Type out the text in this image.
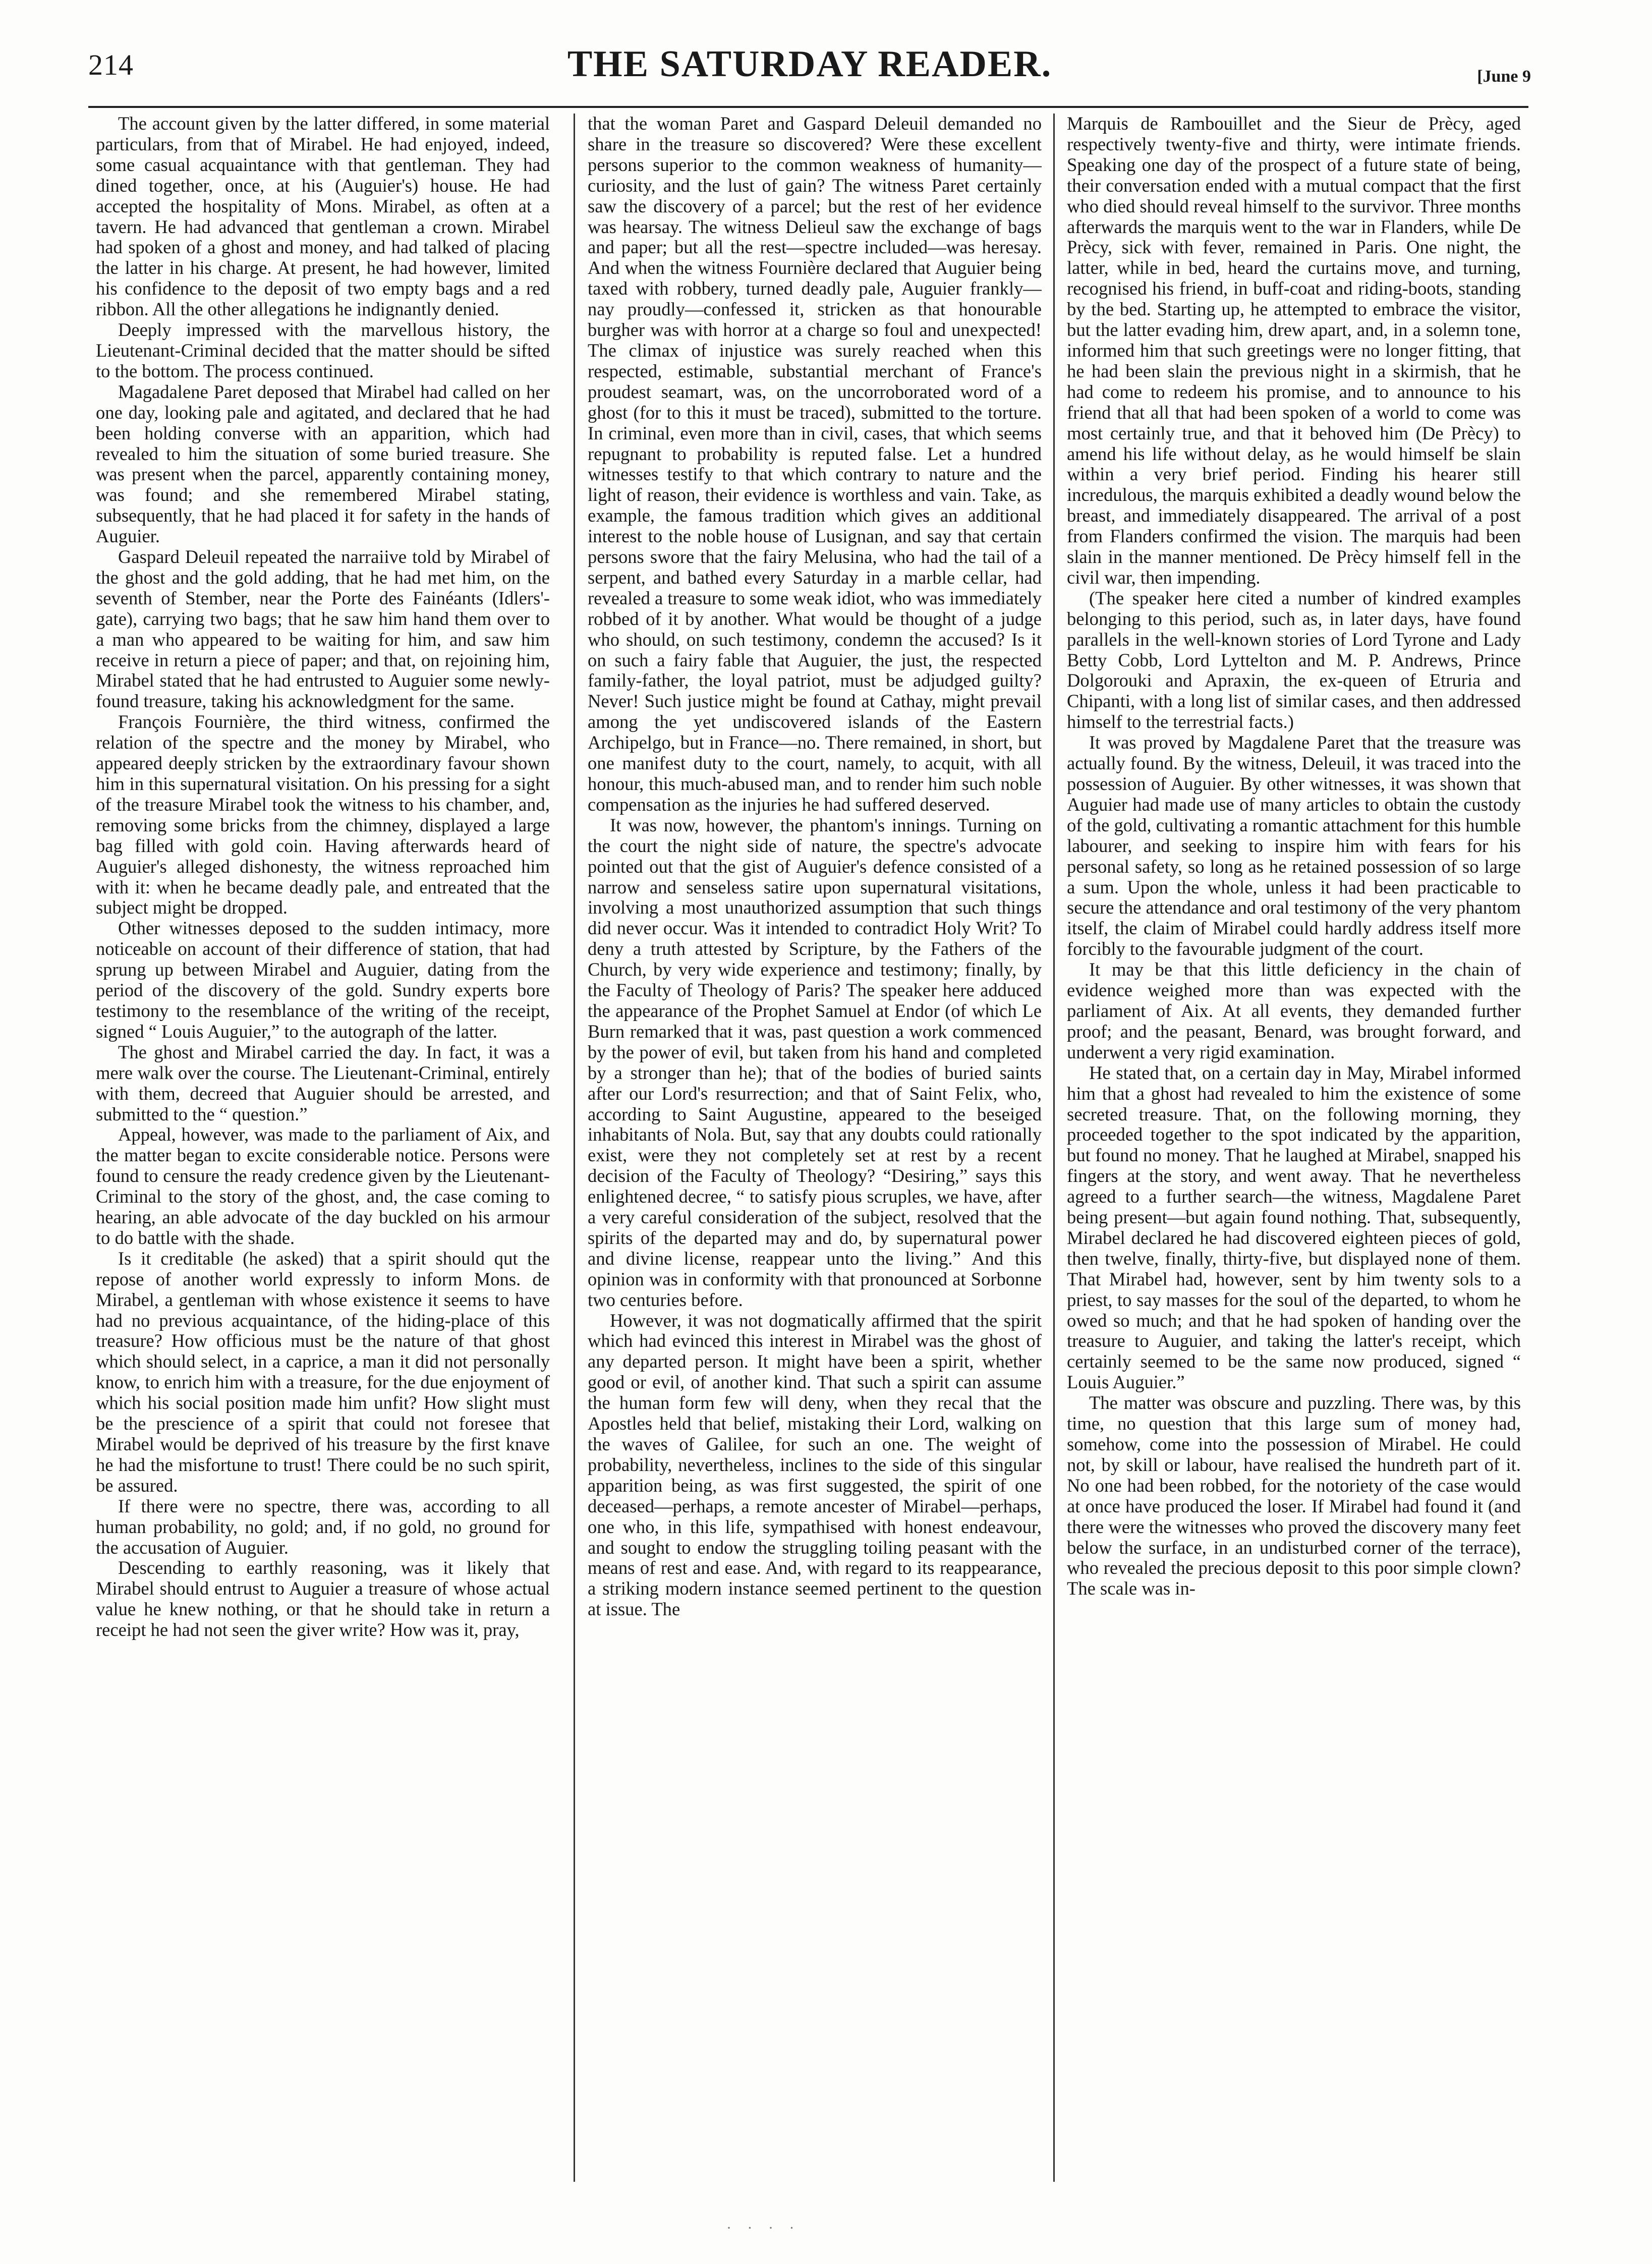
214	THE SATURDAY READER.	[June 9

The account given by the latter differed, in some material particulars, from that of Mirabel. He had enjoyed, indeed, some casual acquaintance with that gentleman. They had dined together, once, at his (Auguier's) house. He had accepted the hospitality of Mons. Mirabel, as often at a tavern. He had advanced that gentleman a crown. Mirabel had spoken of a ghost and money, and had talked of placing the latter in his charge. At present, he had however, limited his confidence to the deposit of two empty bags and a red ribbon. All the other allegations he indignantly denied.

Deeply impressed with the marvellous history, the Lieutenant-Criminal decided that the matter should be sifted to the bottom. The process continued.

Magadalene Paret deposed that Mirabel had called on her one day, looking pale and agitated, and declared that he had been holding converse with an apparition, which had revealed to him the situation of some buried treasure. She was present when the parcel, apparently containing money, was found; and she remembered Mirabel stating, subsequently, that he had placed it for safety in the hands of Auguier.

Gaspard Deleuil repeated the narraiive told by Mirabel of the ghost and the gold adding, that he had met him, on the seventh of Stember, near the Porte des Fainéants (Idlers'-gate), carrying two bags; that he saw him hand them over to a man who appeared to be waiting for him, and saw him receive in return a piece of paper; and that, on rejoining him, Mirabel stated that he had entrusted to Auguier some newly-found treasure, taking his acknowledgment for the same.

François Fournière, the third witness, confirmed the relation of the spectre and the money by Mirabel, who appeared deeply stricken by the extraordinary favour shown him in this supernatural visitation. On his pressing for a sight of the treasure Mirabel took the witness to his chamber, and, removing some bricks from the chimney, displayed a large bag filled with gold coin. Having afterwards heard of Auguier's alleged dishonesty, the witness reproached him with it: when he became deadly pale, and entreated that the subject might be dropped.

Other witnesses deposed to the sudden intimacy, more noticeable on account of their difference of station, that had sprung up between Mirabel and Auguier, dating from the period of the discovery of the gold. Sundry experts bore testimony to the resemblance of the writing of the receipt, signed “ Louis Auguier,” to the autograph of the latter.

The ghost and Mirabel carried the day. In fact, it was a mere walk over the course. The Lieutenant-Criminal, entirely with them, decreed that Auguier should be arrested, and submitted to the “ question.”

Appeal, however, was made to the parliament of Aix, and the matter began to excite considerable notice. Persons were found to censure the ready credence given by the Lieutenant-Criminal to the story of the ghost, and, the case coming to hearing, an able advocate of the day buckled on his armour to do battle with the shade.

Is it creditable (he asked) that a spirit should qut the repose of another world expressly to inform Mons. de Mirabel, a gentleman with whose existence it seems to have had no previous acquaintance, of the hiding-place of this treasure? How officious must be the nature of that ghost which should select, in a caprice, a man it did not personally know, to enrich him with a treasure, for the due enjoyment of which his social position made him unfit? How slight must be the prescience of a spirit that could not foresee that Mirabel would be deprived of his treasure by the first knave he had the misfortune to trust! There could be no such spirit, be assured.

If there were no spectre, there was, according to all human probability, no gold; and, if no gold, no ground for the accusation of Auguier.

Descending to earthly reasoning, was it likely that Mirabel should entrust to Auguier a treasure of whose actual value he knew nothing, or that he should take in return a receipt he had not seen the giver write? How was it, pray,

that the woman Paret and Gaspard Deleuil demanded no share in the treasure so discovered? Were these excellent persons superior to the common weakness of humanity—curiosity, and the lust of gain? The witness Paret certainly saw the discovery of a parcel; but the rest of her evidence was hearsay. The witness Delieul saw the exchange of bags and paper; but all the rest—spectre included—was heresay. And when the witness Fournière declared that Auguier being taxed with robbery, turned deadly pale, Auguier frankly—nay proudly—confessed it, stricken as that honourable burgher was with horror at a charge so foul and unexpected! The climax of injustice was surely reached when this respected, estimable, substantial merchant of France's proudest seamart, was, on the uncorroborated word of a ghost (for to this it must be traced), submitted to the torture. In criminal, even more than in civil, cases, that which seems repugnant to probability is reputed false. Let a hundred witnesses testify to that which contrary to nature and the light of reason, their evidence is worthless and vain. Take, as example, the famous tradition which gives an additional interest to the noble house of Lusignan, and say that certain persons swore that the fairy Melusina, who had the tail of a serpent, and bathed every Saturday in a marble cellar, had revealed a treasure to some weak idiot, who was immediately robbed of it by another. What would be thought of a judge who should, on such testimony, condemn the accused? Is it on such a fairy fable that Auguier, the just, the respected family-father, the loyal patriot, must be adjudged guilty? Never! Such justice might be found at Cathay, might prevail among the yet undiscovered islands of the Eastern Archipelgo, but in France—no. There remained, in short, but one manifest duty to the court, namely, to acquit, with all honour, this much-abused man, and to render him such noble compensation as the injuries he had suffered deserved.

It was now, however, the phantom's innings. Turning on the court the night side of nature, the spectre's advocate pointed out that the gist of Auguier's defence consisted of a narrow and senseless satire upon supernatural visitations, involving a most unauthorized assumption that such things did never occur. Was it intended to contradict Holy Writ? To deny a truth attested by Scripture, by the Fathers of the Church, by very wide experience and testimony; finally, by the Faculty of Theology of Paris? The speaker here adduced the appearance of the Prophet Samuel at Endor (of which Le Burn remarked that it was, past question a work commenced by the power of evil, but taken from his hand and completed by a stronger than he); that of the bodies of buried saints after our Lord's resurrection; and that of Saint Felix, who, according to Saint Augustine, appeared to the beseiged inhabitants of Nola. But, say that any doubts could rationally exist, were they not completely set at rest by a recent decision of the Faculty of Theology? “Desiring,” says this enlightened decree, “ to satisfy pious scruples, we have, after a very careful consideration of the subject, resolved that the spirits of the departed may and do, by supernatural power and divine license, reappear unto the living.” And this opinion was in conformity with that pronounced at Sorbonne two centuries before.

However, it was not dogmatically affirmed that the spirit which had evinced this interest in Mirabel was the ghost of any departed person. It might have been a spirit, whether good or evil, of another kind. That such a spirit can assume the human form few will deny, when they recal that the Apostles held that belief, mistaking their Lord, walking on the waves of Galilee, for such an one. The weight of probability, nevertheless, inclines to the side of this singular apparition being, as was first suggested, the spirit of one deceased—perhaps, a remote ancester of Mirabel—perhaps, one who, in this life, sympathised with honest endeavour, and sought to endow the struggling toiling peasant with the means of rest and ease. And, with regard to its reappearance, a striking modern instance seemed pertinent to the question at issue. The

Marquis de Rambouillet and the Sieur de Prècy, aged respectively twenty-five and thirty, were intimate friends. Speaking one day of the prospect of a future state of being, their conversation ended with a mutual compact that the first who died should reveal himself to the survivor. Three months afterwards the marquis went to the war in Flanders, while De Prècy, sick with fever, remained in Paris. One night, the latter, while in bed, heard the curtains move, and turning, recognised his friend, in buff-coat and riding-boots, standing by the bed. Starting up, he attempted to embrace the visitor, but the latter evading him, drew apart, and, in a solemn tone, informed him that such greetings were no longer fitting, that he had been slain the previous night in a skirmish, that he had come to redeem his promise, and to announce to his friend that all that had been spoken of a world to come was most certainly true, and that it behoved him (De Prècy) to amend his life without delay, as he would himself be slain within a very brief period. Finding his hearer still incredulous, the marquis exhibited a deadly wound below the breast, and immediately disappeared. The arrival of a post from Flanders confirmed the vision. The marquis had been slain in the manner mentioned. De Prècy himself fell in the civil war, then impending.

(The speaker here cited a number of kindred examples belonging to this period, such as, in later days, have found parallels in the well-known stories of Lord Tyrone and Lady Betty Cobb, Lord Lyttelton and M. P. Andrews, Prince Dolgorouki and Apraxin, the ex-queen of Etruria and Chipanti, with a long list of similar cases, and then addressed himself to the terrestrial facts.)

It was proved by Magdalene Paret that the treasure was actually found. By the witness, Deleuil, it was traced into the possession of Auguier. By other witnesses, it was shown that Auguier had made use of many articles to obtain the custody of the gold, cultivating a romantic attachment for this humble labourer, and seeking to inspire him with fears for his personal safety, so long as he retained possession of so large a sum. Upon the whole, unless it had been practicable to secure the attendance and oral testimony of the very phantom itself, the claim of Mirabel could hardly address itself more forcibly to the favourable judgment of the court.

It may be that this little deficiency in the chain of evidence weighed more than was expected with the parliament of Aix. At all events, they demanded further proof; and the peasant, Benard, was brought forward, and underwent a very rigid examination.

He stated that, on a certain day in May, Mirabel informed him that a ghost had revealed to him the existence of some secreted treasure. That, on the following morning, they proceeded together to the spot indicated by the apparition, but found no money. That he laughed at Mirabel, snapped his fingers at the story, and went away. That he nevertheless agreed to a further search—the witness, Magdalene Paret being present—but again found nothing. That, subsequently, Mirabel declared he had discovered eighteen pieces of gold, then twelve, finally, thirty-five, but displayed none of them. That Mirabel had, however, sent by him twenty sols to a priest, to say masses for the soul of the departed, to whom he owed so much; and that he had spoken of handing over the treasure to Auguier, and taking the latter's receipt, which certainly seemed to be the same now produced, signed “ Louis Auguier.”

The matter was obscure and puzzling. There was, by this time, no question that this large sum of money had, somehow, come into the possession of Mirabel. He could not, by skill or labour, have realised the hundreth part of it. No one had been robbed, for the notoriety of the case would at once have produced the loser. If Mirabel had found it (and there were the witnesses who proved the discovery many feet below the surface, in an undisturbed corner of the terrace), who revealed the precious deposit to this poor simple clown? The scale was in-

· · · ·
